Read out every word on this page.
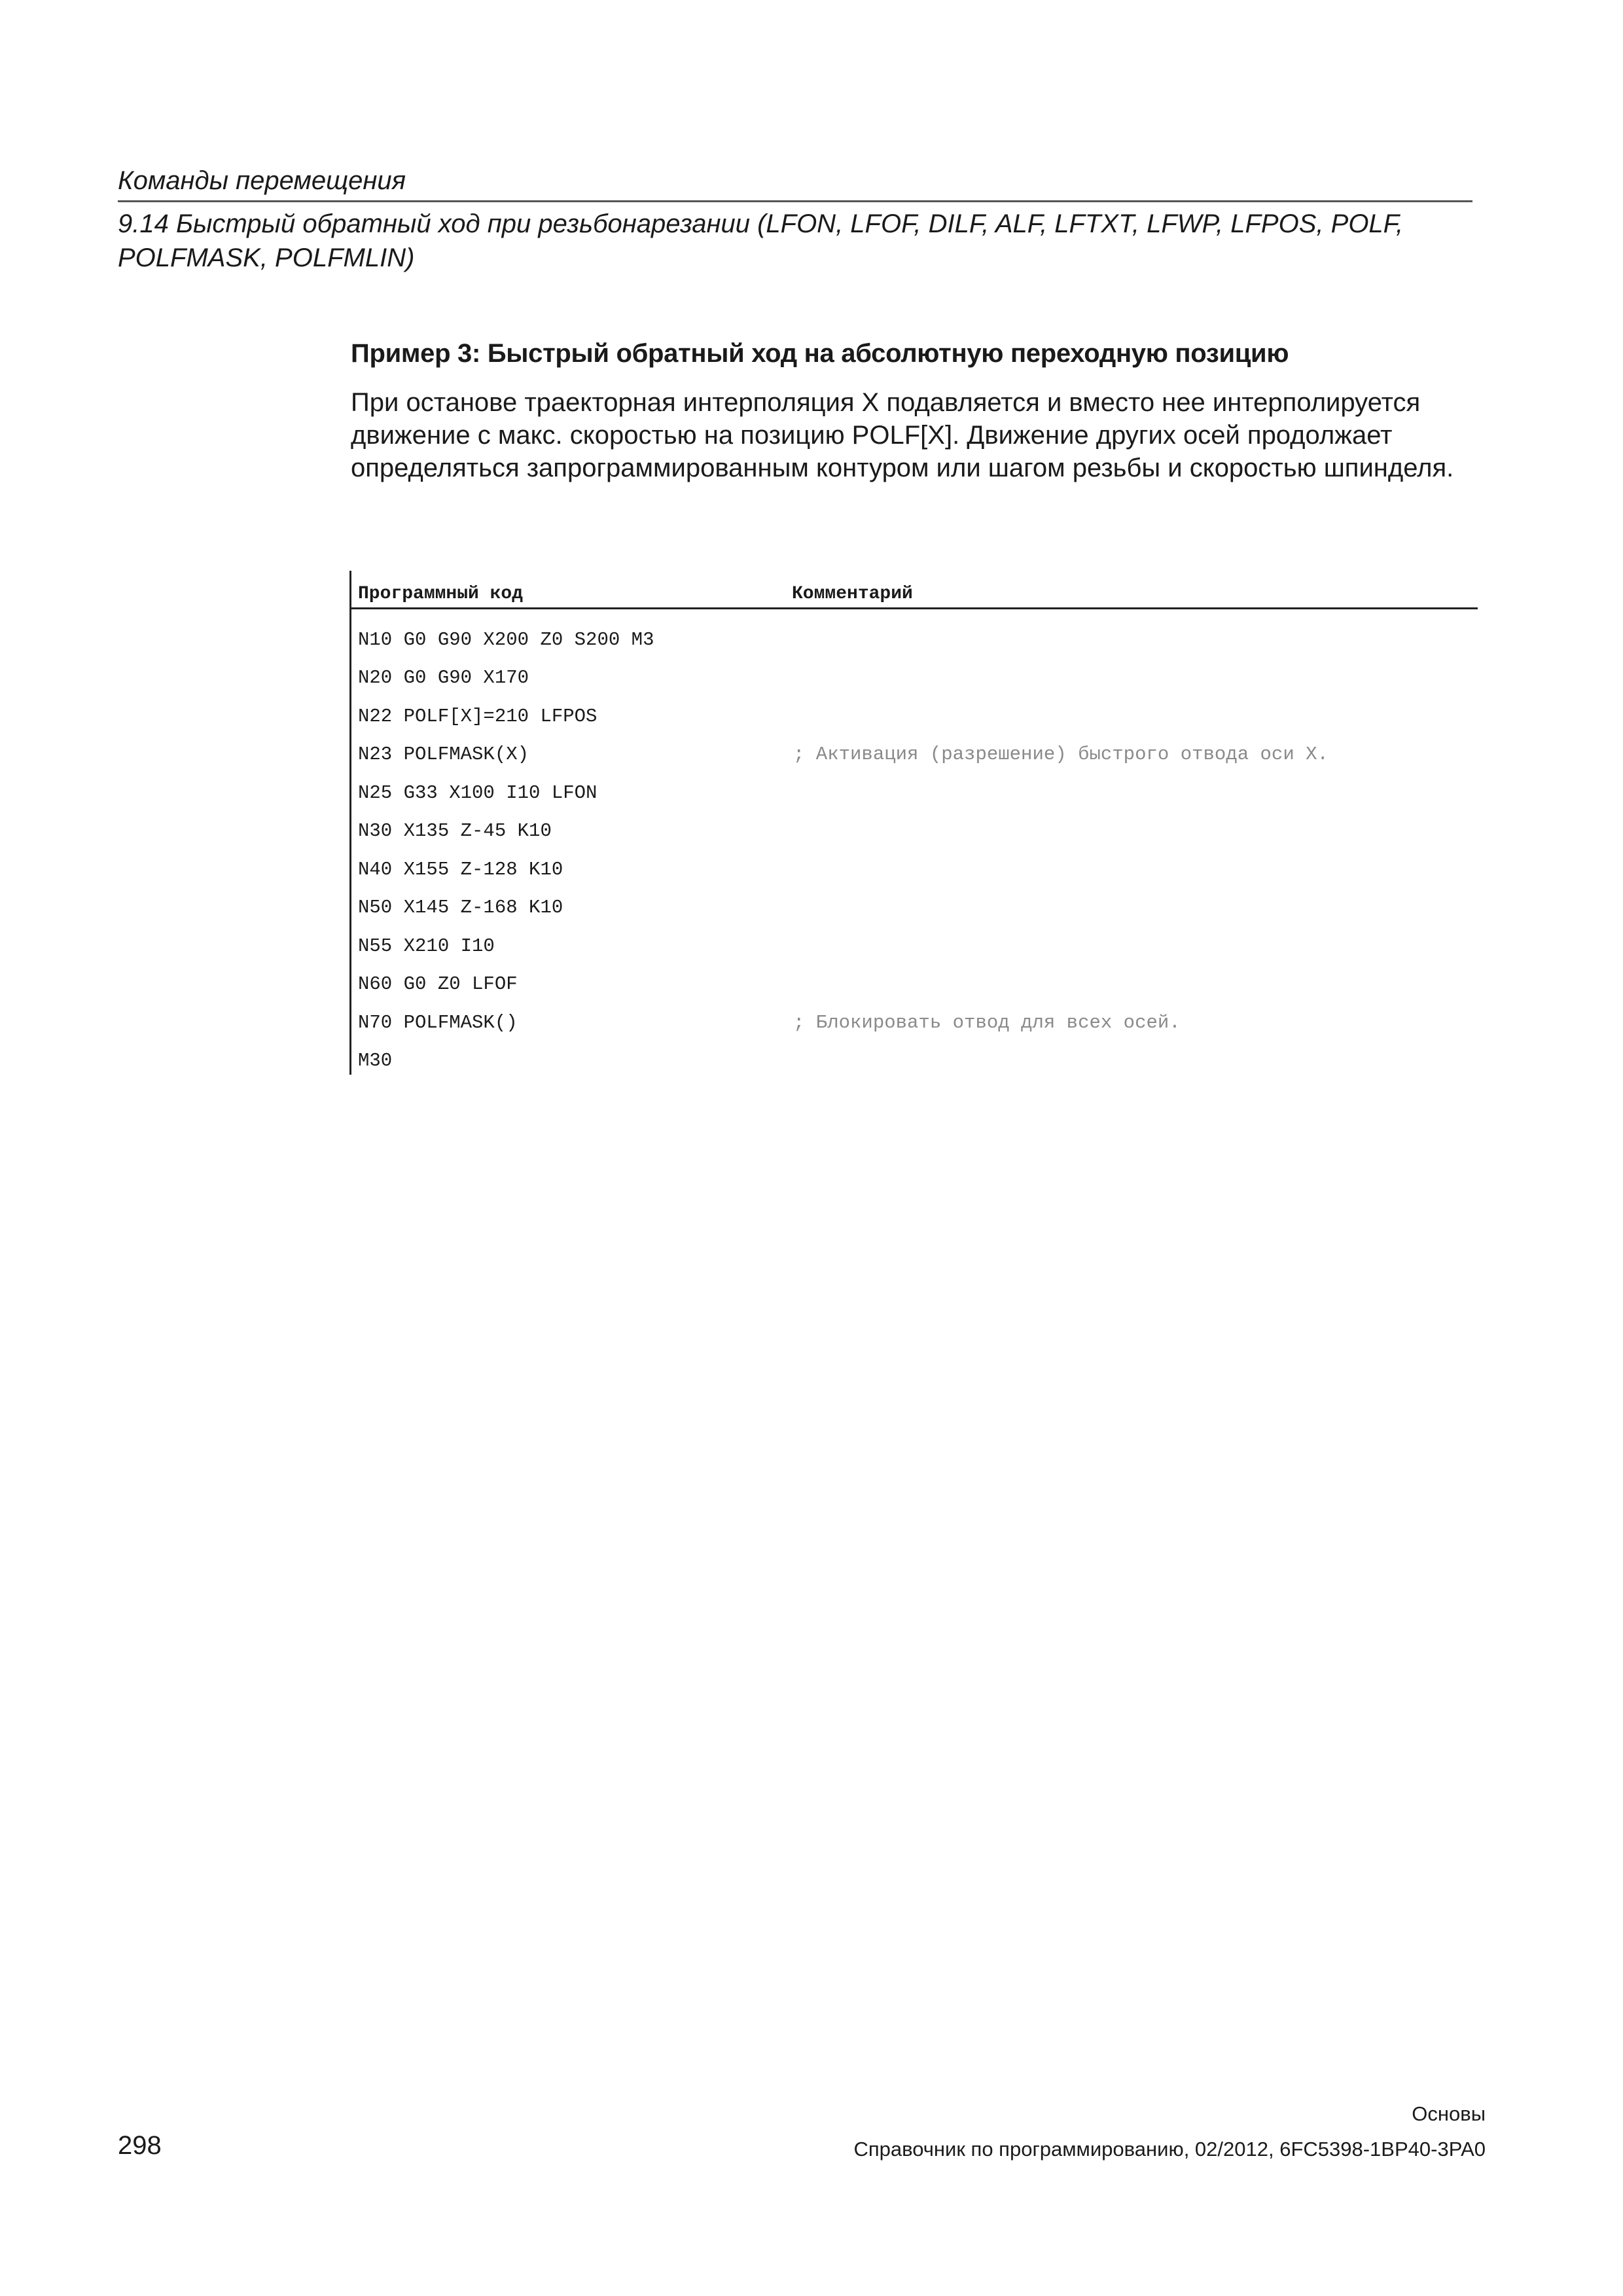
Команды перемещения
9.14 Быстрый обратный ход при резьбонарезании (LFON, LFOF, DILF, ALF, LFTXT, LFWP, LFPOS, POLF, POLFMASK, POLFMLIN)
Пример 3: Быстрый обратный ход на абсолютную переходную позицию
При останове траекторная интерполяция X подавляется и вместо нее интерполируется движение с макс. скоростью на позицию POLF[X]. Движение других осей продолжает определяться запрограммированным контуром или шагом резьбы и скоростью шпинделя.
Программный код	Комментарий
N10 G0 G90 X200 Z0 S200 M3
N20 G0 G90 X170
N22 POLF[X]=210 LFPOS
N23 POLFMASK(X)	; Активация (разрешение) быстрого отвода оси X.
N25 G33 X100 I10 LFON
N30 X135 Z-45 K10
N40 X155 Z-128 K10
N50 X145 Z-168 K10
N55 X210 I10
N60 G0 Z0 LFOF
N70 POLFMASK()	; Блокировать отвод для всех осей.
M30
Основы
298	Справочник по программированию, 02/2012, 6FC5398-1BP40-3PA0
